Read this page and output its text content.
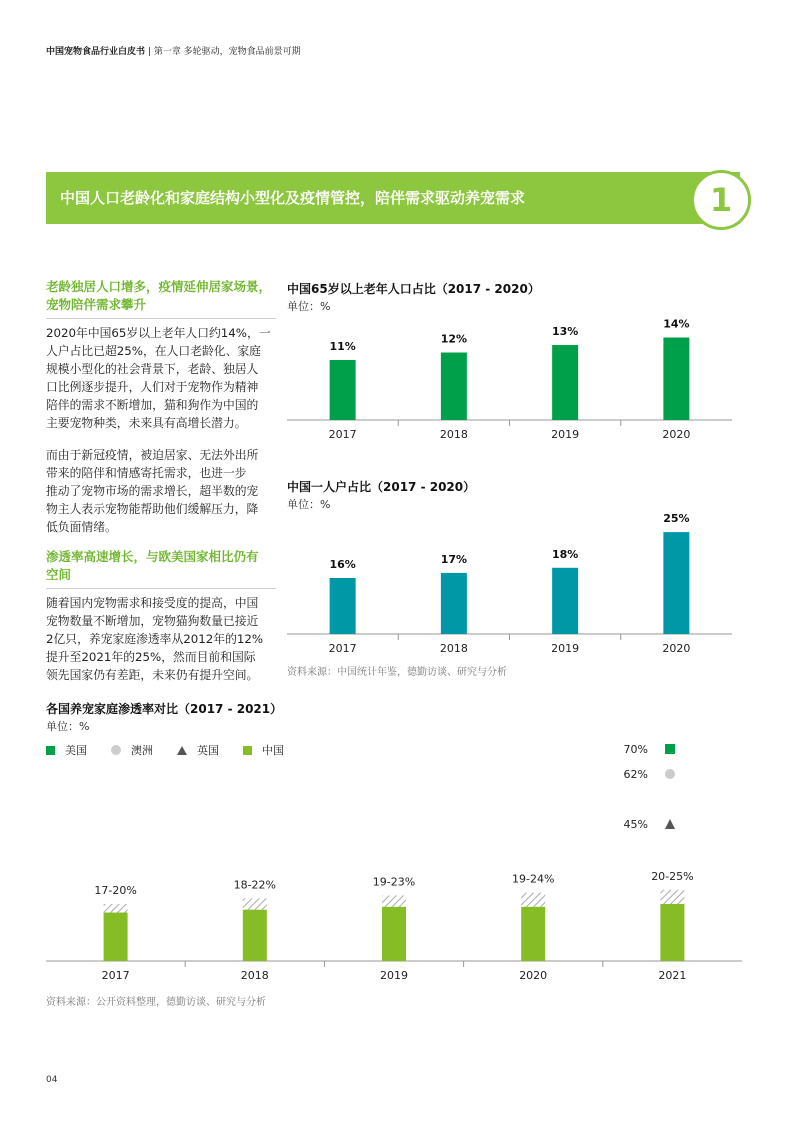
中国宠物食品行业白皮书 | 第一章 多轮驱动，宠物食品前景可期
中国人口老龄化和家庭结构小型化及疫情管控，陪伴需求驱动养宠需求	1
老龄独居人口增多，疫情延伸居家场景，
宠物陪伴需求攀升
2020年中国65岁以上老年人口约14%，一
人户占比已超25%，在人口老龄化、家庭
规模小型化的社会背景下，老龄、独居人
口比例逐步提升，人们对于宠物作为精神
陪伴的需求不断增加，猫和狗作为中国的
主要宠物种类，未来具有高增长潜力。
而由于新冠疫情，被迫居家、无法外出所
带来的陪伴和情感寄托需求，也进一步
推动了宠物市场的需求增长，超半数的宠
物主人表示宠物能帮助他们缓解压力，降
低负面情绪。
渗透率高速增长，与欧美国家相比仍有
空间
随着国内宠物需求和接受度的提高，中国
宠物数量不断增加，宠物猫狗数量已接近
2亿只，养宠家庭渗透率从2012年的12%
提升至2021年的25%，然而目前和国际
领先国家仍有差距，未来仍有提升空间。
中国65岁以上老年人口占比（2017 - 2020）
单位：%
11%
12%
13%
14%
2017	2018	2019	2020
中国一人户占比（2017 - 2020）
单位：%
16%	17%	18%
25%
2017	2018	2019	2020
资料来源：中国统计年鉴，德勤访谈、研究与分析
各国养宠家庭渗透率对比（2017 - 2021）
单位：%
美国	澳洲	英国	中国
17-20%	18-22%	19-23%	19-24%	20-25%
2017	2018	2019	2020	2021
70%
62%
45%
资料来源：公开资料整理，德勤访谈、研究与分析
04
